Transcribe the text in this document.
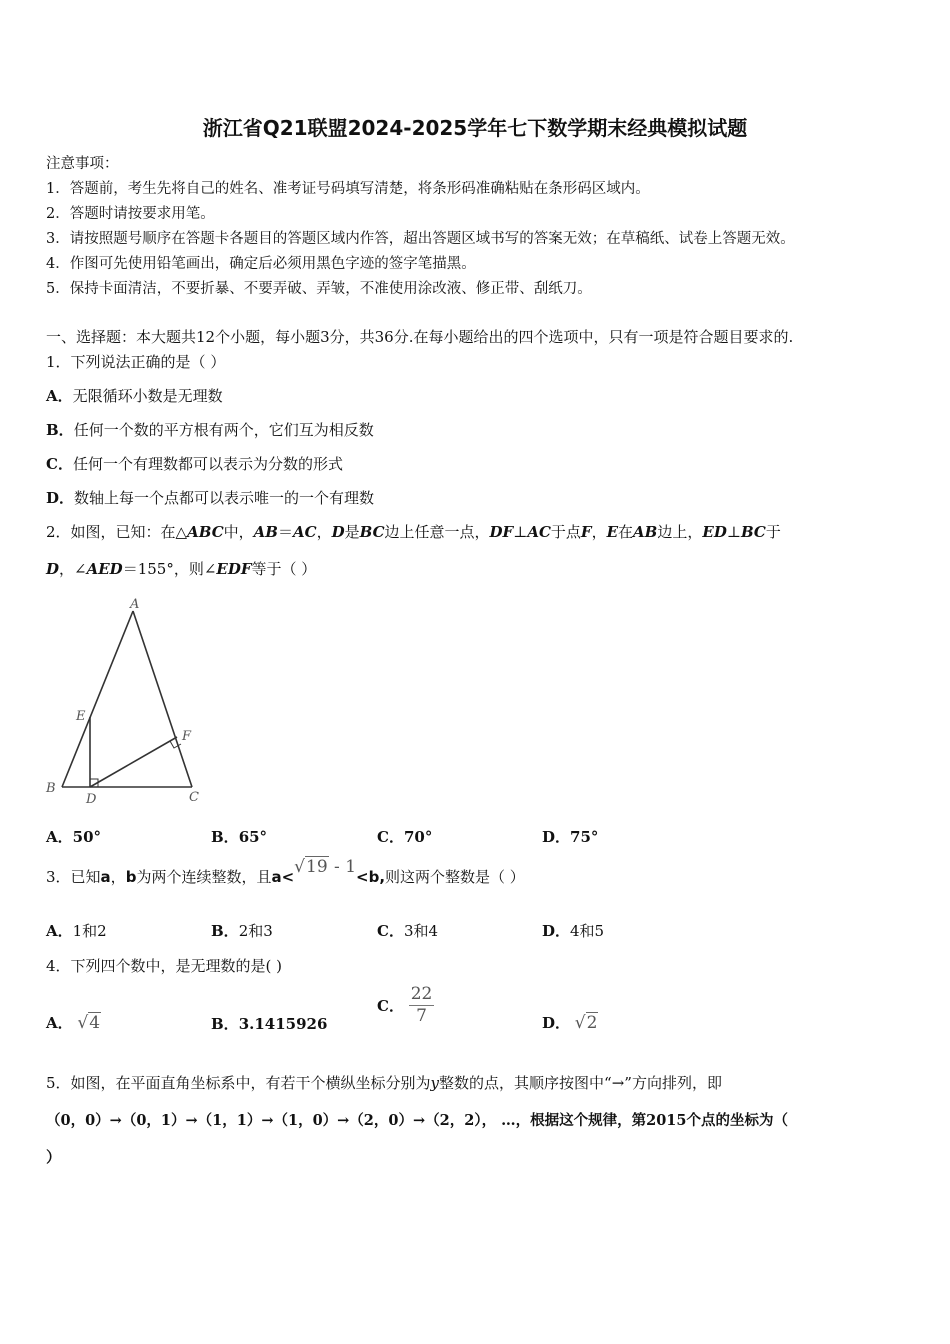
浙江省Q21联盟2024-2025学年七下数学期末经典模拟试题
注意事项：
1．答题前，考生先将自己的姓名、准考证号码填写清楚，将条形码准确粘贴在条形码区域内。
2．答题时请按要求用笔。
3．请按照题号顺序在答题卡各题目的答题区域内作答，超出答题区域书写的答案无效；在草稿纸、试卷上答题无效。
4．作图可先使用铅笔画出，确定后必须用黑色字迹的签字笔描黑。
5．保持卡面清洁，不要折暴、不要弄破、弄皱，不准使用涂改液、修正带、刮纸刀。
一、选择题：本大题共12个小题，每小题3分，共36分.在每小题给出的四个选项中，只有一项是符合题目要求的.
1．下列说法正确的是（ ）
A．无限循环小数是无理数
B．任何一个数的平方根有两个，它们互为相反数
C．任何一个有理数都可以表示为分数的形式
D．数轴上每一个点都可以表示唯一的一个有理数
2．如图，已知：在△ABC中，AB＝AC，D是BC边上任意一点，DF⊥AC于点F，E在AB边上，ED⊥BC于
D，∠AED＝155°，则∠EDF等于（ ）
A
B
C
D
E
F
A．50°	B．65°	C．70°	D．75°
3．已知a，b为两个连续整数，且a<√19 - 1<b,则这两个整数是（ ）
A．1和2	B．2和3	C．3和4	D．4和5
4．下列四个数中，是无理数的是( )
A． √4	B．3.1415926
C． $\frac{22}{7}$	D． √2
5．如图，在平面直角坐标系中，有若干个横纵坐标分别为y整数的点，其顺序按图中“→”方向排列，即
（0，0）→（0，1）→（1，1）→（1，0）→（2，0）→（2，2）， …，根据这个规律，第2015个点的坐标为（
）
